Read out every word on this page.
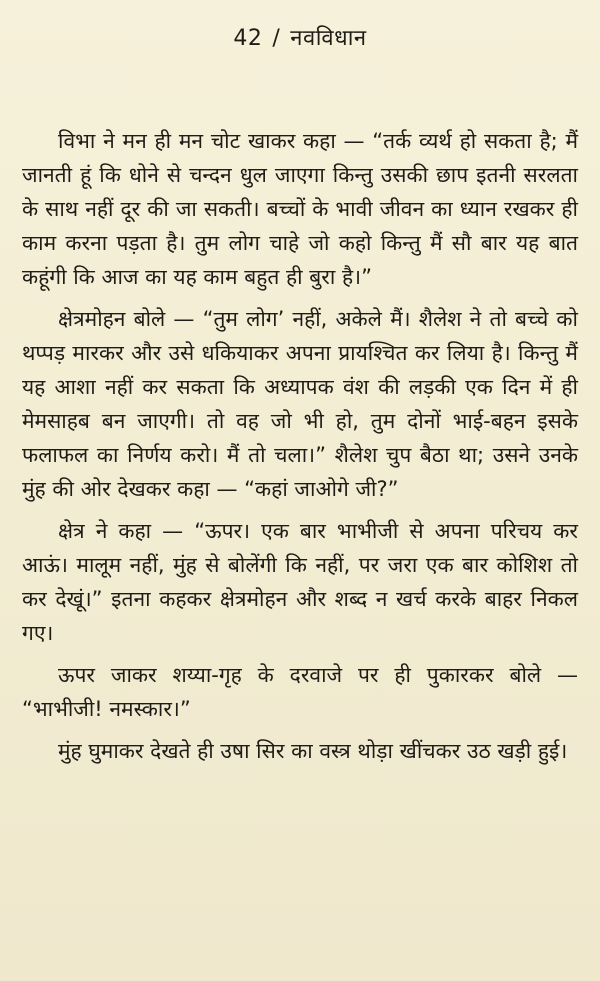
42 / नवविधान

विभा ने मन ही मन चोट खाकर कहा — “तर्क व्यर्थ हो सकता है; मैं जानती हूं कि धोने से चन्दन धुल जाएगा किन्तु उसकी छाप इतनी सरलता के साथ नहीं दूर की जा सकती। बच्चों के भावी जीवन का ध्यान रखकर ही काम करना पड़ता है। तुम लोग चाहे जो कहो किन्तु मैं सौ बार यह बात कहूंगी कि आज का यह काम बहुत ही बुरा है।”

क्षेत्रमोहन बोले — “तुम लोग’ नहीं, अकेले मैं। शैलेश ने तो बच्चे को थप्पड़ मारकर और उसे धकियाकर अपना प्रायश्चित कर लिया है। किन्तु मैं यह आशा नहीं कर सकता कि अध्यापक वंश की लड़की एक दिन में ही मेमसाहब बन जाएगी। तो वह जो भी हो, तुम दोनों भाई-बहन इसके फलाफल का निर्णय करो। मैं तो चला।” शैलेश चुप बैठा था; उसने उनके मुंह की ओर देखकर कहा — “कहां जाओगे जी?”

क्षेत्र ने कहा — “ऊपर। एक बार भाभीजी से अपना परिचय कर आऊं। मालूम नहीं, मुंह से बोलेंगी कि नहीं, पर जरा एक बार कोशिश तो कर देखूं।” इतना कहकर क्षेत्रमोहन और शब्द न खर्च करके बाहर निकल गए।

ऊपर जाकर शय्या-गृह के दरवाजे पर ही पुकारकर बोले — “भाभीजी! नमस्कार।”

मुंह घुमाकर देखते ही उषा सिर का वस्त्र थोड़ा खींचकर उठ खड़ी हुई।
